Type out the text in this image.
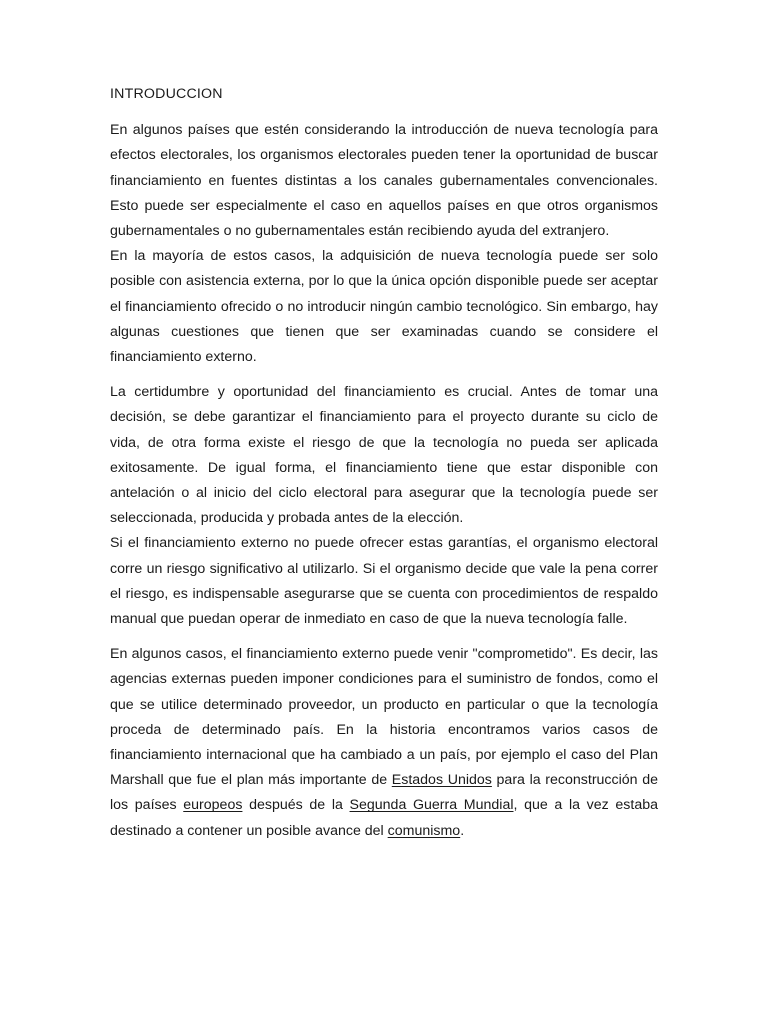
INTRODUCCION

En algunos países que estén considerando la introducción de nueva tecnología para efectos electorales, los organismos electorales pueden tener la oportunidad de buscar financiamiento en fuentes distintas a los canales gubernamentales convencionales. Esto puede ser especialmente el caso en aquellos países en que otros organismos gubernamentales o no gubernamentales están recibiendo ayuda del extranjero.

En la mayoría de estos casos, la adquisición de nueva tecnología puede ser solo posible con asistencia externa, por lo que la única opción disponible puede ser aceptar el financiamiento ofrecido o no introducir ningún cambio tecnológico. Sin embargo, hay algunas cuestiones que tienen que ser examinadas cuando se considere el financiamiento externo.

La certidumbre y oportunidad del financiamiento es crucial. Antes de tomar una decisión, se debe garantizar el financiamiento para el proyecto durante su ciclo de vida, de otra forma existe el riesgo de que la tecnología no pueda ser aplicada exitosamente. De igual forma, el financiamiento tiene que estar disponible con antelación o al inicio del ciclo electoral para asegurar que la tecnología puede ser seleccionada, producida y probada antes de la elección.

Si el financiamiento externo no puede ofrecer estas garantías, el organismo electoral corre un riesgo significativo al utilizarlo. Si el organismo decide que vale la pena correr el riesgo, es indispensable asegurarse que se cuenta con procedimientos de respaldo manual que puedan operar de inmediato en caso de que la nueva tecnología falle.

En algunos casos, el financiamiento externo puede venir "comprometido". Es decir, las agencias externas pueden imponer condiciones para el suministro de fondos, como el que se utilice determinado proveedor, un producto en particular o que la tecnología proceda de determinado país. En la historia encontramos varios casos de financiamiento internacional que ha cambiado a un país, por ejemplo el caso del Plan Marshall que fue el plan más importante de Estados Unidos para la reconstrucción de los países europeos después de la Segunda Guerra Mundial, que a la vez estaba destinado a contener un posible avance del comunismo.
